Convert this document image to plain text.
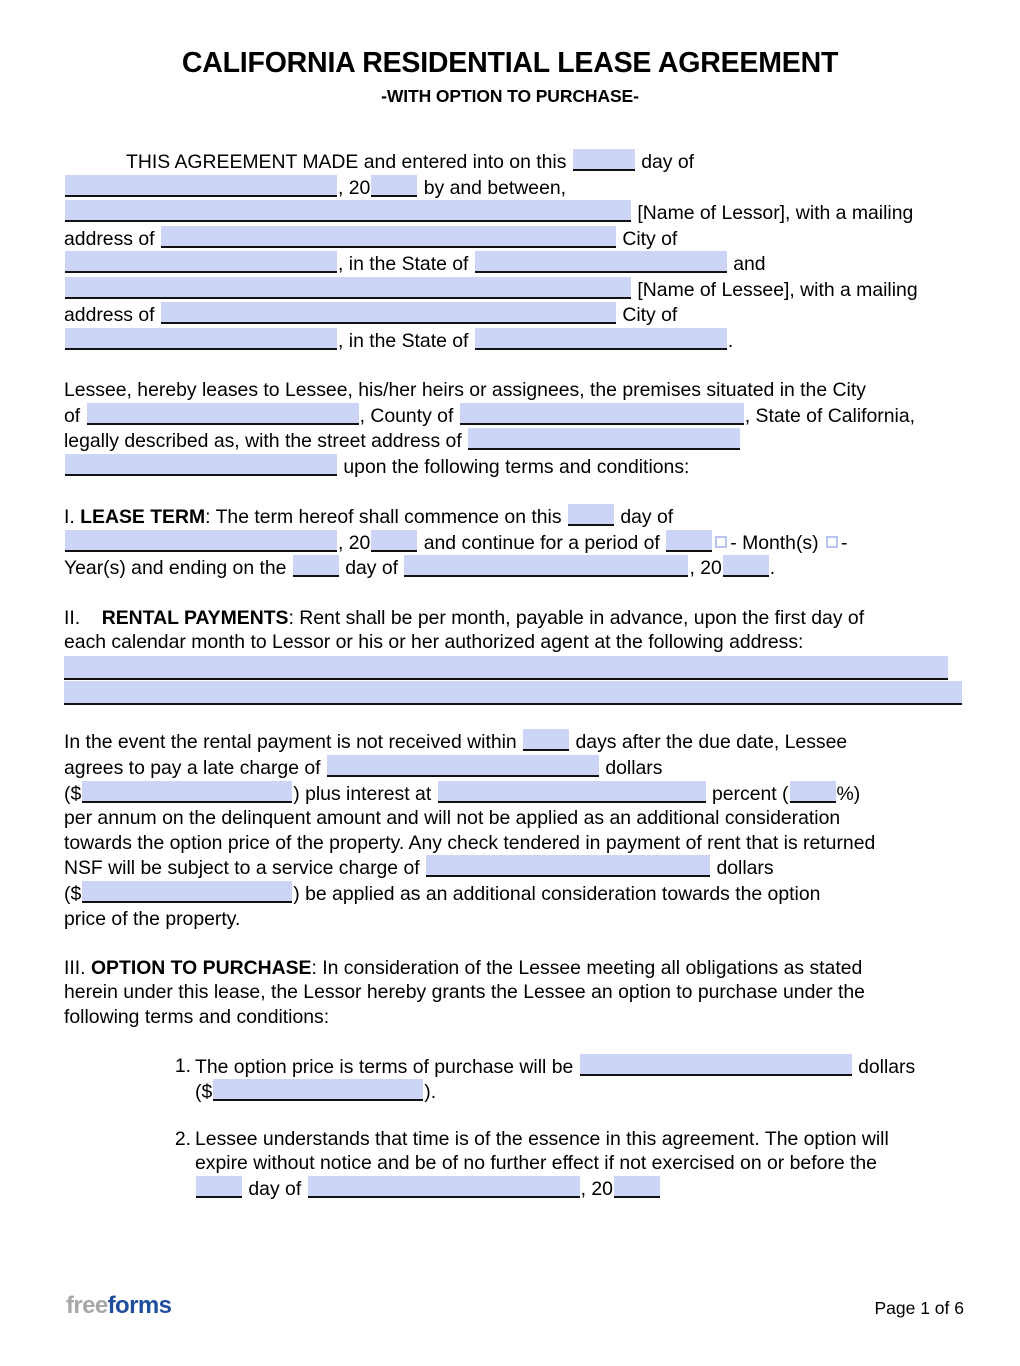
CALIFORNIA RESIDENTIAL LEASE AGREEMENT
-WITH OPTION TO PURCHASE-

THIS AGREEMENT MADE and entered into on this	day of
, 20	by and between,
[Name of Lessor], with a mailing
address of	City of
, in the State of	and
[Name of Lessee], with a mailing
address of	City of
, in the State of	.

Lessee, hereby leases to Lessee, his/her heirs or assignees, the premises situated in the City
of	, County of	, State of California,
legally described as, with the street address of
upon the following terms and conditions:

I. LEASE TERM: The term hereof shall commence on this	day of
, 20	and continue for a period of	- Month(s) -
Year(s) and ending on the	day of	, 20 .

II. RENTAL PAYMENTS: Rent shall be per month, payable in advance, upon the first day of
each calendar month to Lessor or his or her authorized agent at the following address:

In the event the rental payment is not received within	days after the due date, Lessee
agrees to pay a late charge of	dollars
($	) plus interest at	percent ( %)
per annum on the delinquent amount and will not be applied as an additional consideration
towards the option price of the property. Any check tendered in payment of rent that is returned
NSF will be subject to a service charge of	dollars
($	) be applied as an additional consideration towards the option
price of the property.

III. OPTION TO PURCHASE: In consideration of the Lessee meeting all obligations as stated
herein under this lease, the Lessor hereby grants the Lessee an option to purchase under the
following terms and conditions:

1. The option price is terms of purchase will be	dollars
($	).
2. Lessee understands that time is of the essence in this agreement. The option will
expire without notice and be of no further effect if not exercised on or before the
day of	, 20
freeforms	Page 1 of 6
